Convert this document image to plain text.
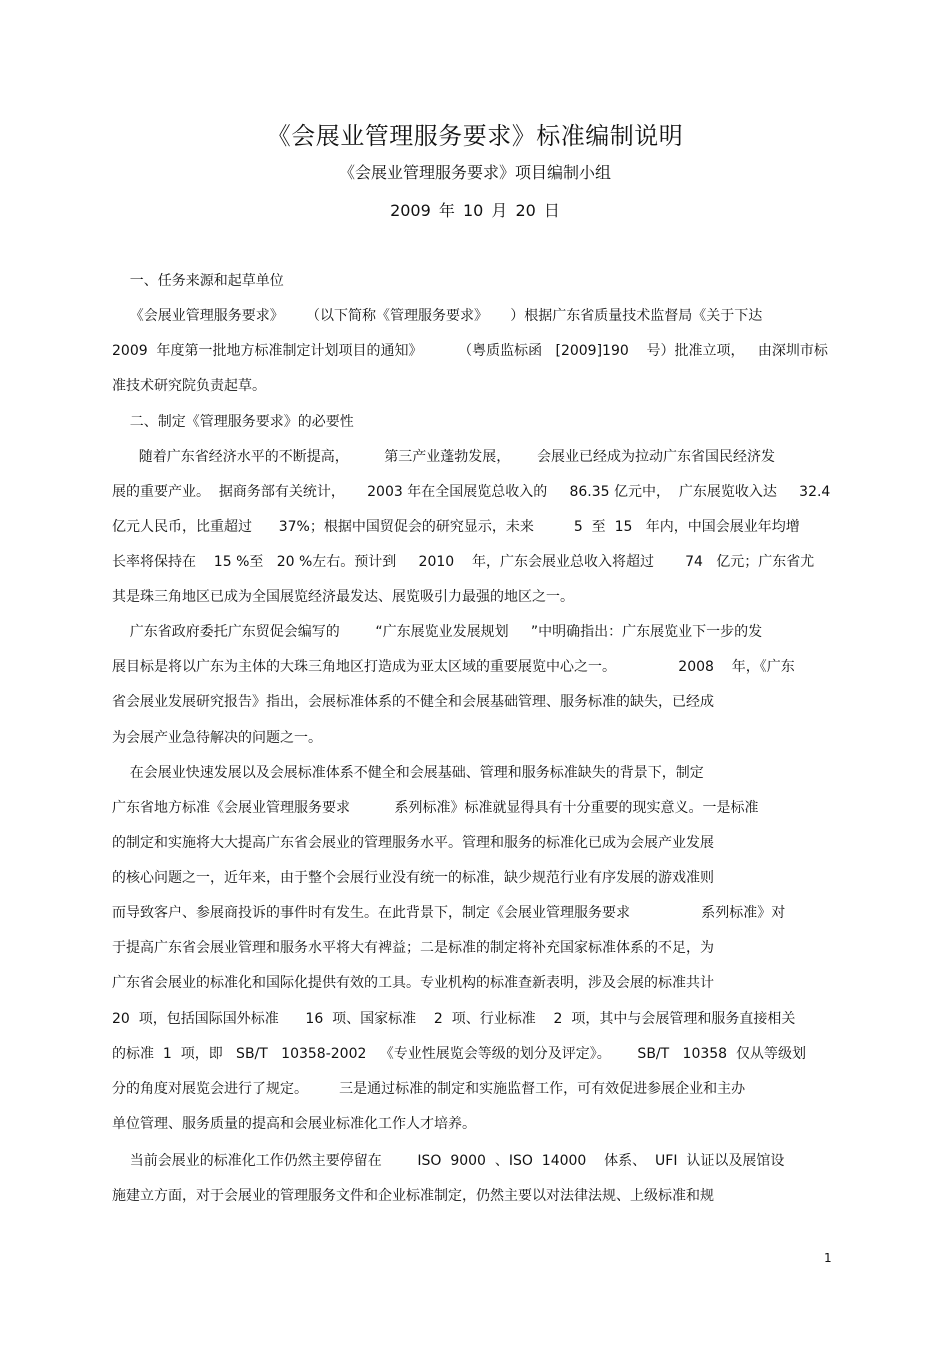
《会展业管理服务要求》标准编制说明
《会展业管理服务要求》项目编制小组
2009 年 10 月 20 日
一、任务来源和起草单位
《会展业管理服务要求》     （以下简称《管理服务要求》     ）根据广东省质量技术监督局《关于下达
2009  年度第一批地方标准制定计划项目的通知》        （粤质监标函   [2009]190    号）批准立项，   由深圳市标
准技术研究院负责起草。
二、制定《管理服务要求》的必要性
随着广东省经济水平的不断提高，        第三产业蓬勃发展，      会展业已经成为拉动广东省国民经济发
展的重要产业。  据商务部有关统计，     2003 年在全国展览总收入的     86.35 亿元中，  广东展览收入达     32.4
亿元人民币，比重超过      37%；根据中国贸促会的研究显示，未来         5  至  15   年内，中国会展业年均增
长率将保持在    15 %至   20 %左右。预计到     2010    年，广东会展业总收入将超过       74   亿元；广东省尤
其是珠三角地区已成为全国展览经济最发达、展览吸引力最强的地区之一。
广东省政府委托广东贸促会编写的        “广东展览业发展规划     ”中明确指出：广东展览业下一步的发
展目标是将以广东为主体的大珠三角地区打造成为亚太区域的重要展览中心之一。              2008    年，《广东
省会展业发展研究报告》指出，会展标准体系的不健全和会展基础管理、服务标准的缺失，已经成
为会展产业急待解决的问题之一。
在会展业快速发展以及会展标准体系不健全和会展基础、管理和服务标准缺失的背景下，制定
广东省地方标准《会展业管理服务要求          系列标准》标准就显得具有十分重要的现实意义。一是标准
的制定和实施将大大提高广东省会展业的管理服务水平。管理和服务的标准化已成为会展产业发展
的核心问题之一，近年来，由于整个会展行业没有统一的标准，缺少规范行业有序发展的游戏准则
而导致客户、参展商投诉的事件时有发生。在此背景下，制定《会展业管理服务要求                系列标准》对
于提高广东省会展业管理和服务水平将大有裨益；二是标准的制定将补充国家标准体系的不足，为
广东省会展业的标准化和国际化提供有效的工具。专业机构的标准查新表明，涉及会展的标准共计
20  项，包括国际国外标准      16  项、国家标准    2  项、行业标准    2  项，其中与会展管理和服务直接相关
的标准  1  项，即   SB/T   10358-2002   《专业性展览会等级的划分及评定》。      SB/T   10358  仅从等级划
分的角度对展览会进行了规定。       三是通过标准的制定和实施监督工作，可有效促进参展企业和主办
单位管理、服务质量的提高和会展业标准化工作人才培养。
当前会展业的标准化工作仍然主要停留在        ISO  9000  、ISO  14000    体系、  UFI  认证以及展馆设
施建立方面，对于会展业的管理服务文件和企业标准制定，仍然主要以对法律法规、上级标准和规
1
